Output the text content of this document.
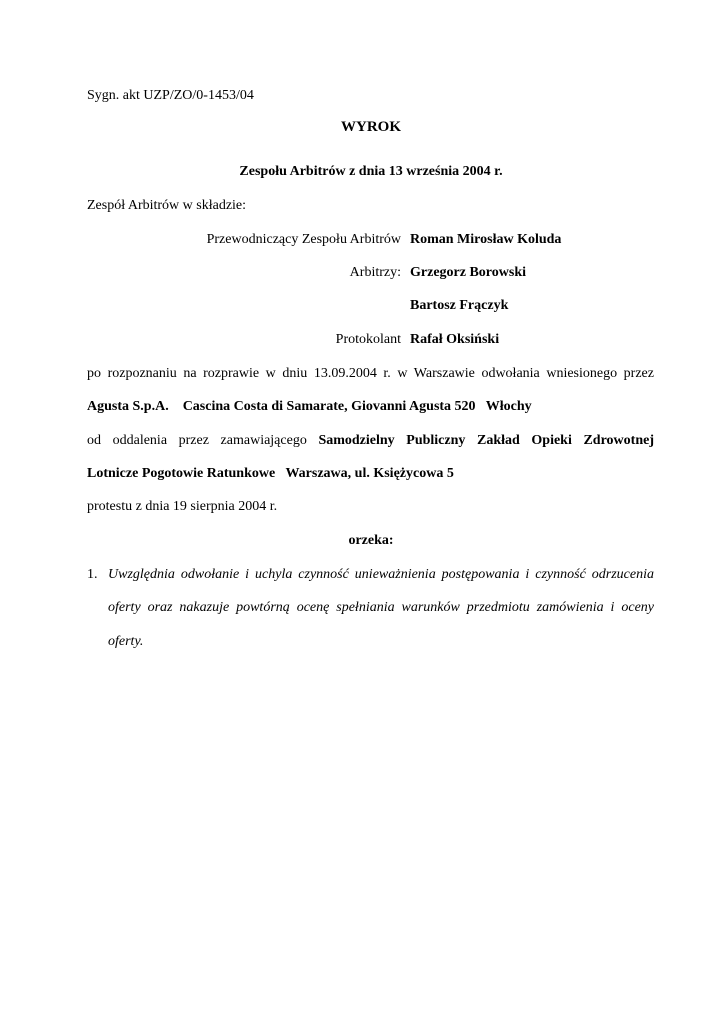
Sygn. akt UZP/ZO/0-1453/04
WYROK
Zespołu Arbitrów z dnia 13 września 2004 r.
Zespół Arbitrów w składzie:
Przewodniczący Zespołu Arbitrów Roman Mirosław Koluda
Arbitrzy: Grzegorz Borowski
Bartosz Frączyk
Protokolant Rafał Oksiński
po rozpoznaniu na rozprawie w dniu 13.09.2004 r. w Warszawie odwołania wniesionego przez
Agusta S.p.A.    Cascina Costa di Samarate, Giovanni Agusta 520   Włochy
od oddalenia przez zamawiającego Samodzielny Publiczny Zakład Opieki Zdrowotnej
Lotnicze Pogotowie Ratunkowe   Warszawa, ul. Księżycowa 5
protestu z dnia 19 sierpnia 2004 r.
orzeka:
1. Uwzględnia odwołanie i uchyla czynność unieważnienia postępowania i czynność odrzucenia
oferty oraz nakazuje powtórną ocenę spełniania warunków przedmiotu zamówienia i oceny
oferty.
